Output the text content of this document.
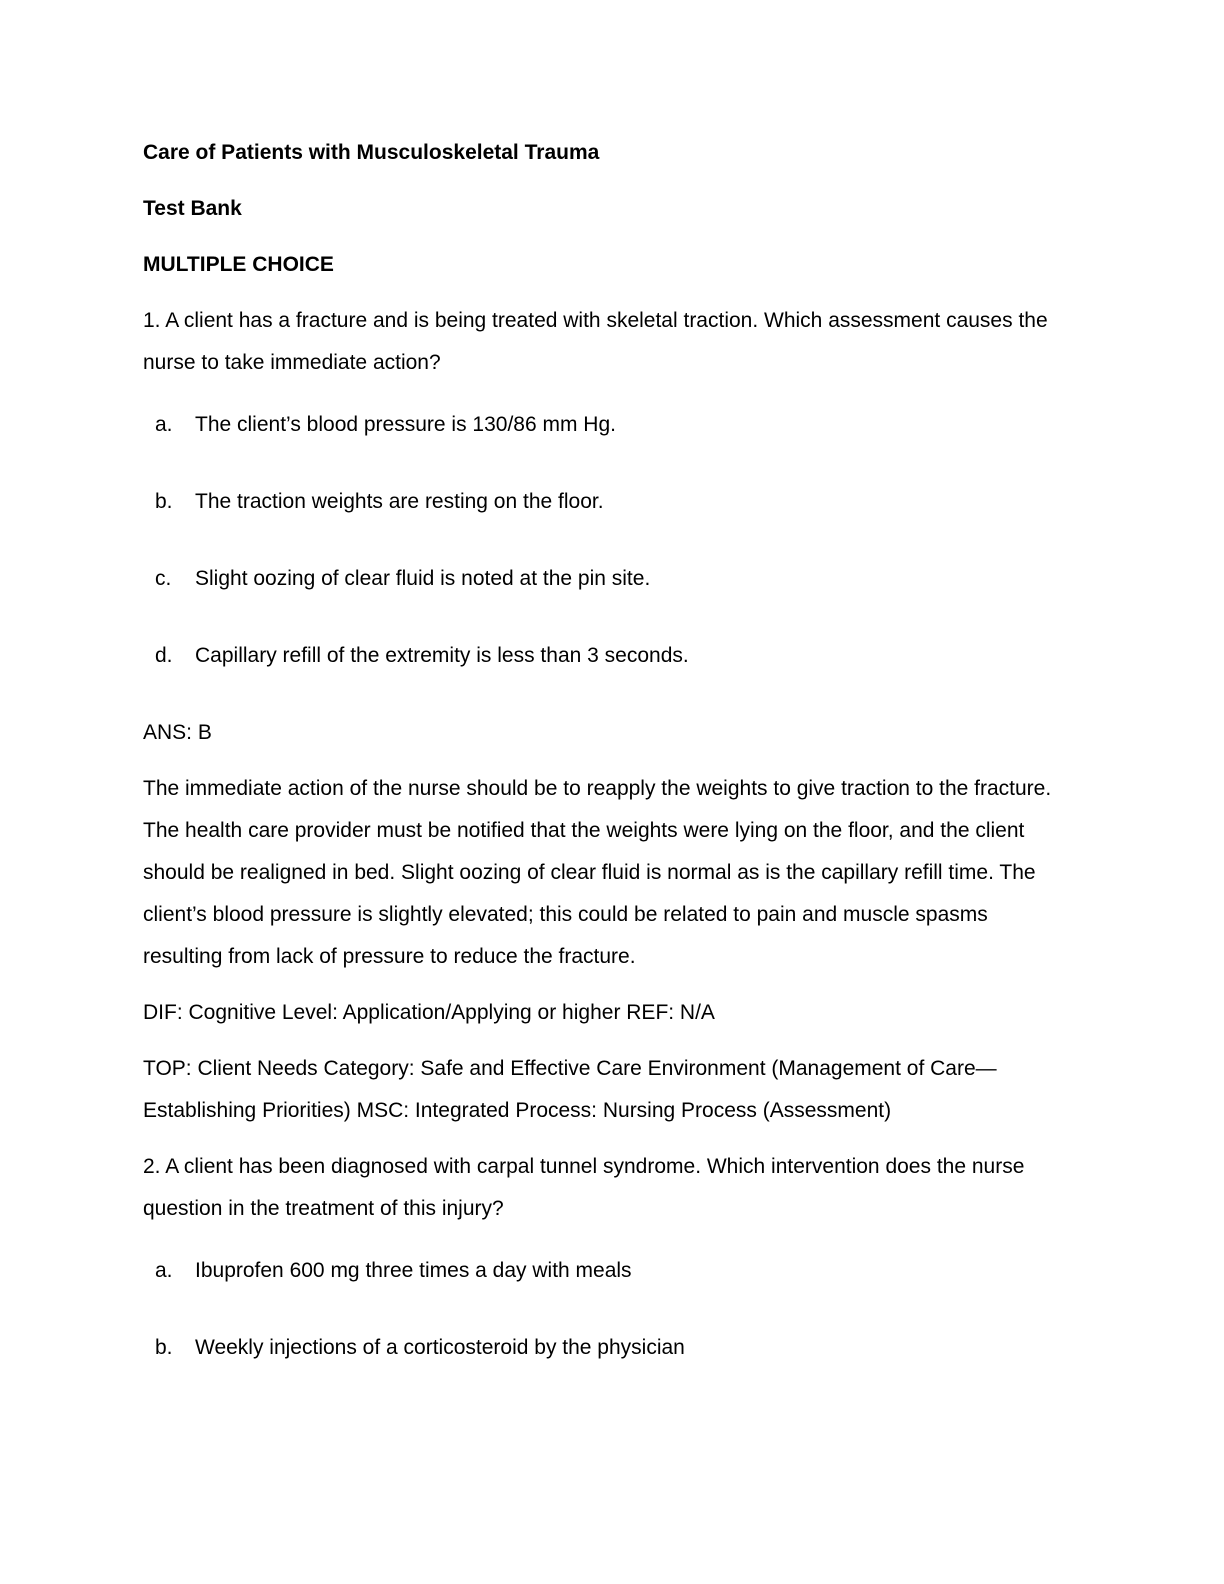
Care of Patients with Musculoskeletal Trauma

Test Bank

MULTIPLE CHOICE

1. A client has a fracture and is being treated with skeletal traction. Which assessment causes the nurse to take immediate action?

a.	The client’s blood pressure is 130/86 mm Hg.
b.	The traction weights are resting on the floor.
c.	Slight oozing of clear fluid is noted at the pin site.
d.	Capillary refill of the extremity is less than 3 seconds.

ANS: B

The immediate action of the nurse should be to reapply the weights to give traction to the fracture. The health care provider must be notified that the weights were lying on the floor, and the client should be realigned in bed. Slight oozing of clear fluid is normal as is the capillary refill time. The client’s blood pressure is slightly elevated; this could be related to pain and muscle spasms resulting from lack of pressure to reduce the fracture.

DIF: Cognitive Level: Application/Applying or higher REF: N/A

TOP: Client Needs Category: Safe and Effective Care Environment (Management of Care—Establishing Priorities) MSC: Integrated Process: Nursing Process (Assessment)

2. A client has been diagnosed with carpal tunnel syndrome. Which intervention does the nurse question in the treatment of this injury?

a.	Ibuprofen 600 mg three times a day with meals
b.	Weekly injections of a corticosteroid by the physician
